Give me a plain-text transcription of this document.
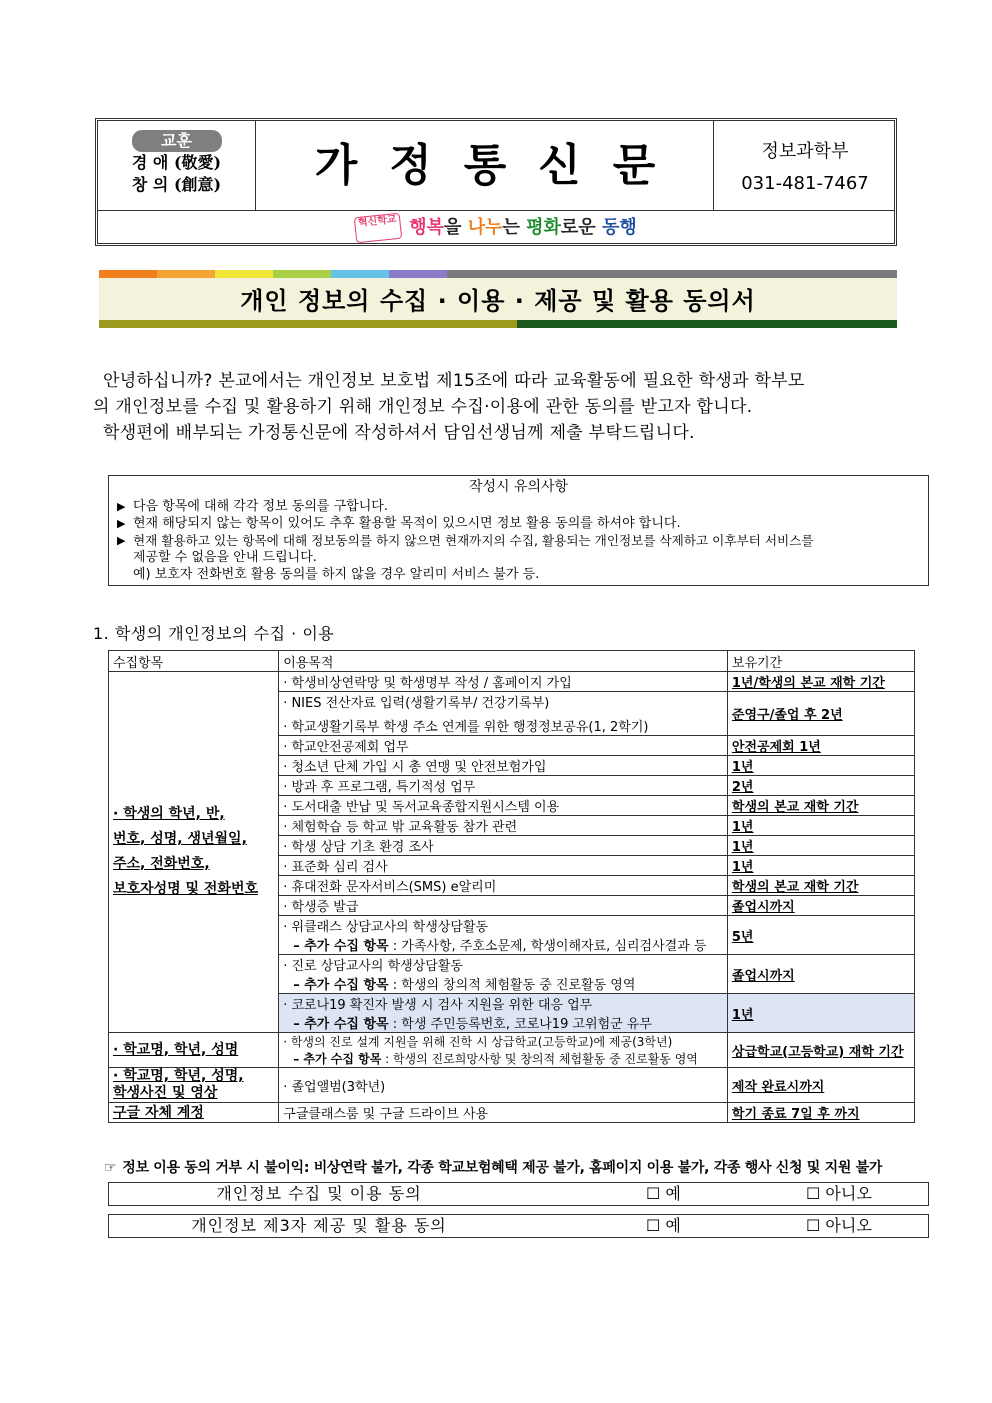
교훈
경 애 (敬愛)
창 의 (創意)	가정통신문	정보과학부
031-481-7467
혁신학교 행복을 나누는 평화로운 동행
개인 정보의 수집 · 이용 · 제공 및 활용 동의서

안녕하십니까? 본교에서는 개인정보 보호법 제15조에 따라 교육활동에 필요한 학생과 학부모

의 개인정보를 수집 및 활용하기 위해 개인정보 수집·이용에 관한 동의를 받고자 합니다.

학생편에 배부되는 가정통신문에 작성하셔서 담임선생님께 제출 부탁드립니다.

작성시 유의사항
▶ 다음 항목에 대해 각각 정보 동의를 구합니다.
▶ 현재 해당되지 않는 항목이 있어도 추후 활용할 목적이 있으시면 정보 활용 동의를 하셔야 합니다.
▶ 현재 활용하고 있는 항목에 대해 정보동의를 하지 않으면 현재까지의 수집, 활용되는 개인정보를 삭제하고 이후부터 서비스를
제공할 수 없음을 안내 드립니다.
예) 보호자 전화번호 활용 동의를 하지 않을 경우 알리미 서비스 불가 등.
1. 학생의 개인정보의 수집 · 이용
수집항목	이용목적	보유기간

· 학생의 학년, 반,
번호, 성명, 생년월일,
주소, 전화번호,
보호자성명 및 전화번호	· 학생비상연락망 및 학생명부 작성 / 홈페이지 가입	1년/학생의 본교 재학 기간

	· NIES 전산자료 입력(생활기록부/ 건강기록부)
· 학교생활기록부 학생 주소 연계를 위한 행정정보공유(1, 2학기)	준영구/졸업 후 2년
	· 학교안전공제회 업무	안전공제회 1년
	· 청소년 단체 가입 시 총 연맹 및 안전보험가입	1년
	· 방과 후 프로그램, 특기적성 업무	2년
	· 도서대출 반납 및 독서교육종합지원시스템 이용	학생의 본교 재학 기간
	· 체험학습 등 학교 밖 교육활동 참가 관련	1년
	· 학생 상담 기초 환경 조사	1년
	· 표준화 심리 검사	1년
	· 휴대전화 문자서비스(SMS) e알리미	학생의 본교 재학 기간
	· 학생증 발급	졸업시까지

	· 위클래스 상담교사의 학생상담활동
– 추가 수집 항목 : 가족사항, 주호소문제, 학생이해자료, 심리검사결과 등	5년

	· 진로 상담교사의 학생상담활동
– 추가 수집 항목 : 학생의 창의적 체험활동 중 진로활동 영역	졸업시까지

	· 코로나19 확진자 발생 시 검사 지원을 위한 대응 업무
– 추가 수집 항목 : 학생 주민등록번호, 코로나19 고위험군 유무	1년
· 학교명, 학년, 성명	· 학생의 진로 설계 지원을 위해 진학 시 상급학교(고등학교)에 제공(3학년)
– 추가 수집 항목 : 학생의 진로희망사항 및 창의적 체험활동 중 진로활동 영역	상급학교(고등학교) 재학 기간

· 학교명, 학년, 성명,
학생사진 및 영상	· 졸업앨범(3학년)	제작 완료시까지
구글 자체 계정	구글클래스룸 및 구글 드라이브 사용	학기 종료 7일 후 까지
☞ 정보 이용 동의 거부 시 불이익: 비상연락 불가, 각종 학교보험혜택 제공 불가, 홈페이지 이용 불가, 각종 행사 신청 및 지원 불가
개인정보 수집 및 이용 동의	☐ 예	☐ 아니오
개인정보 제3자 제공 및 활용 동의	☐ 예	☐ 아니오
